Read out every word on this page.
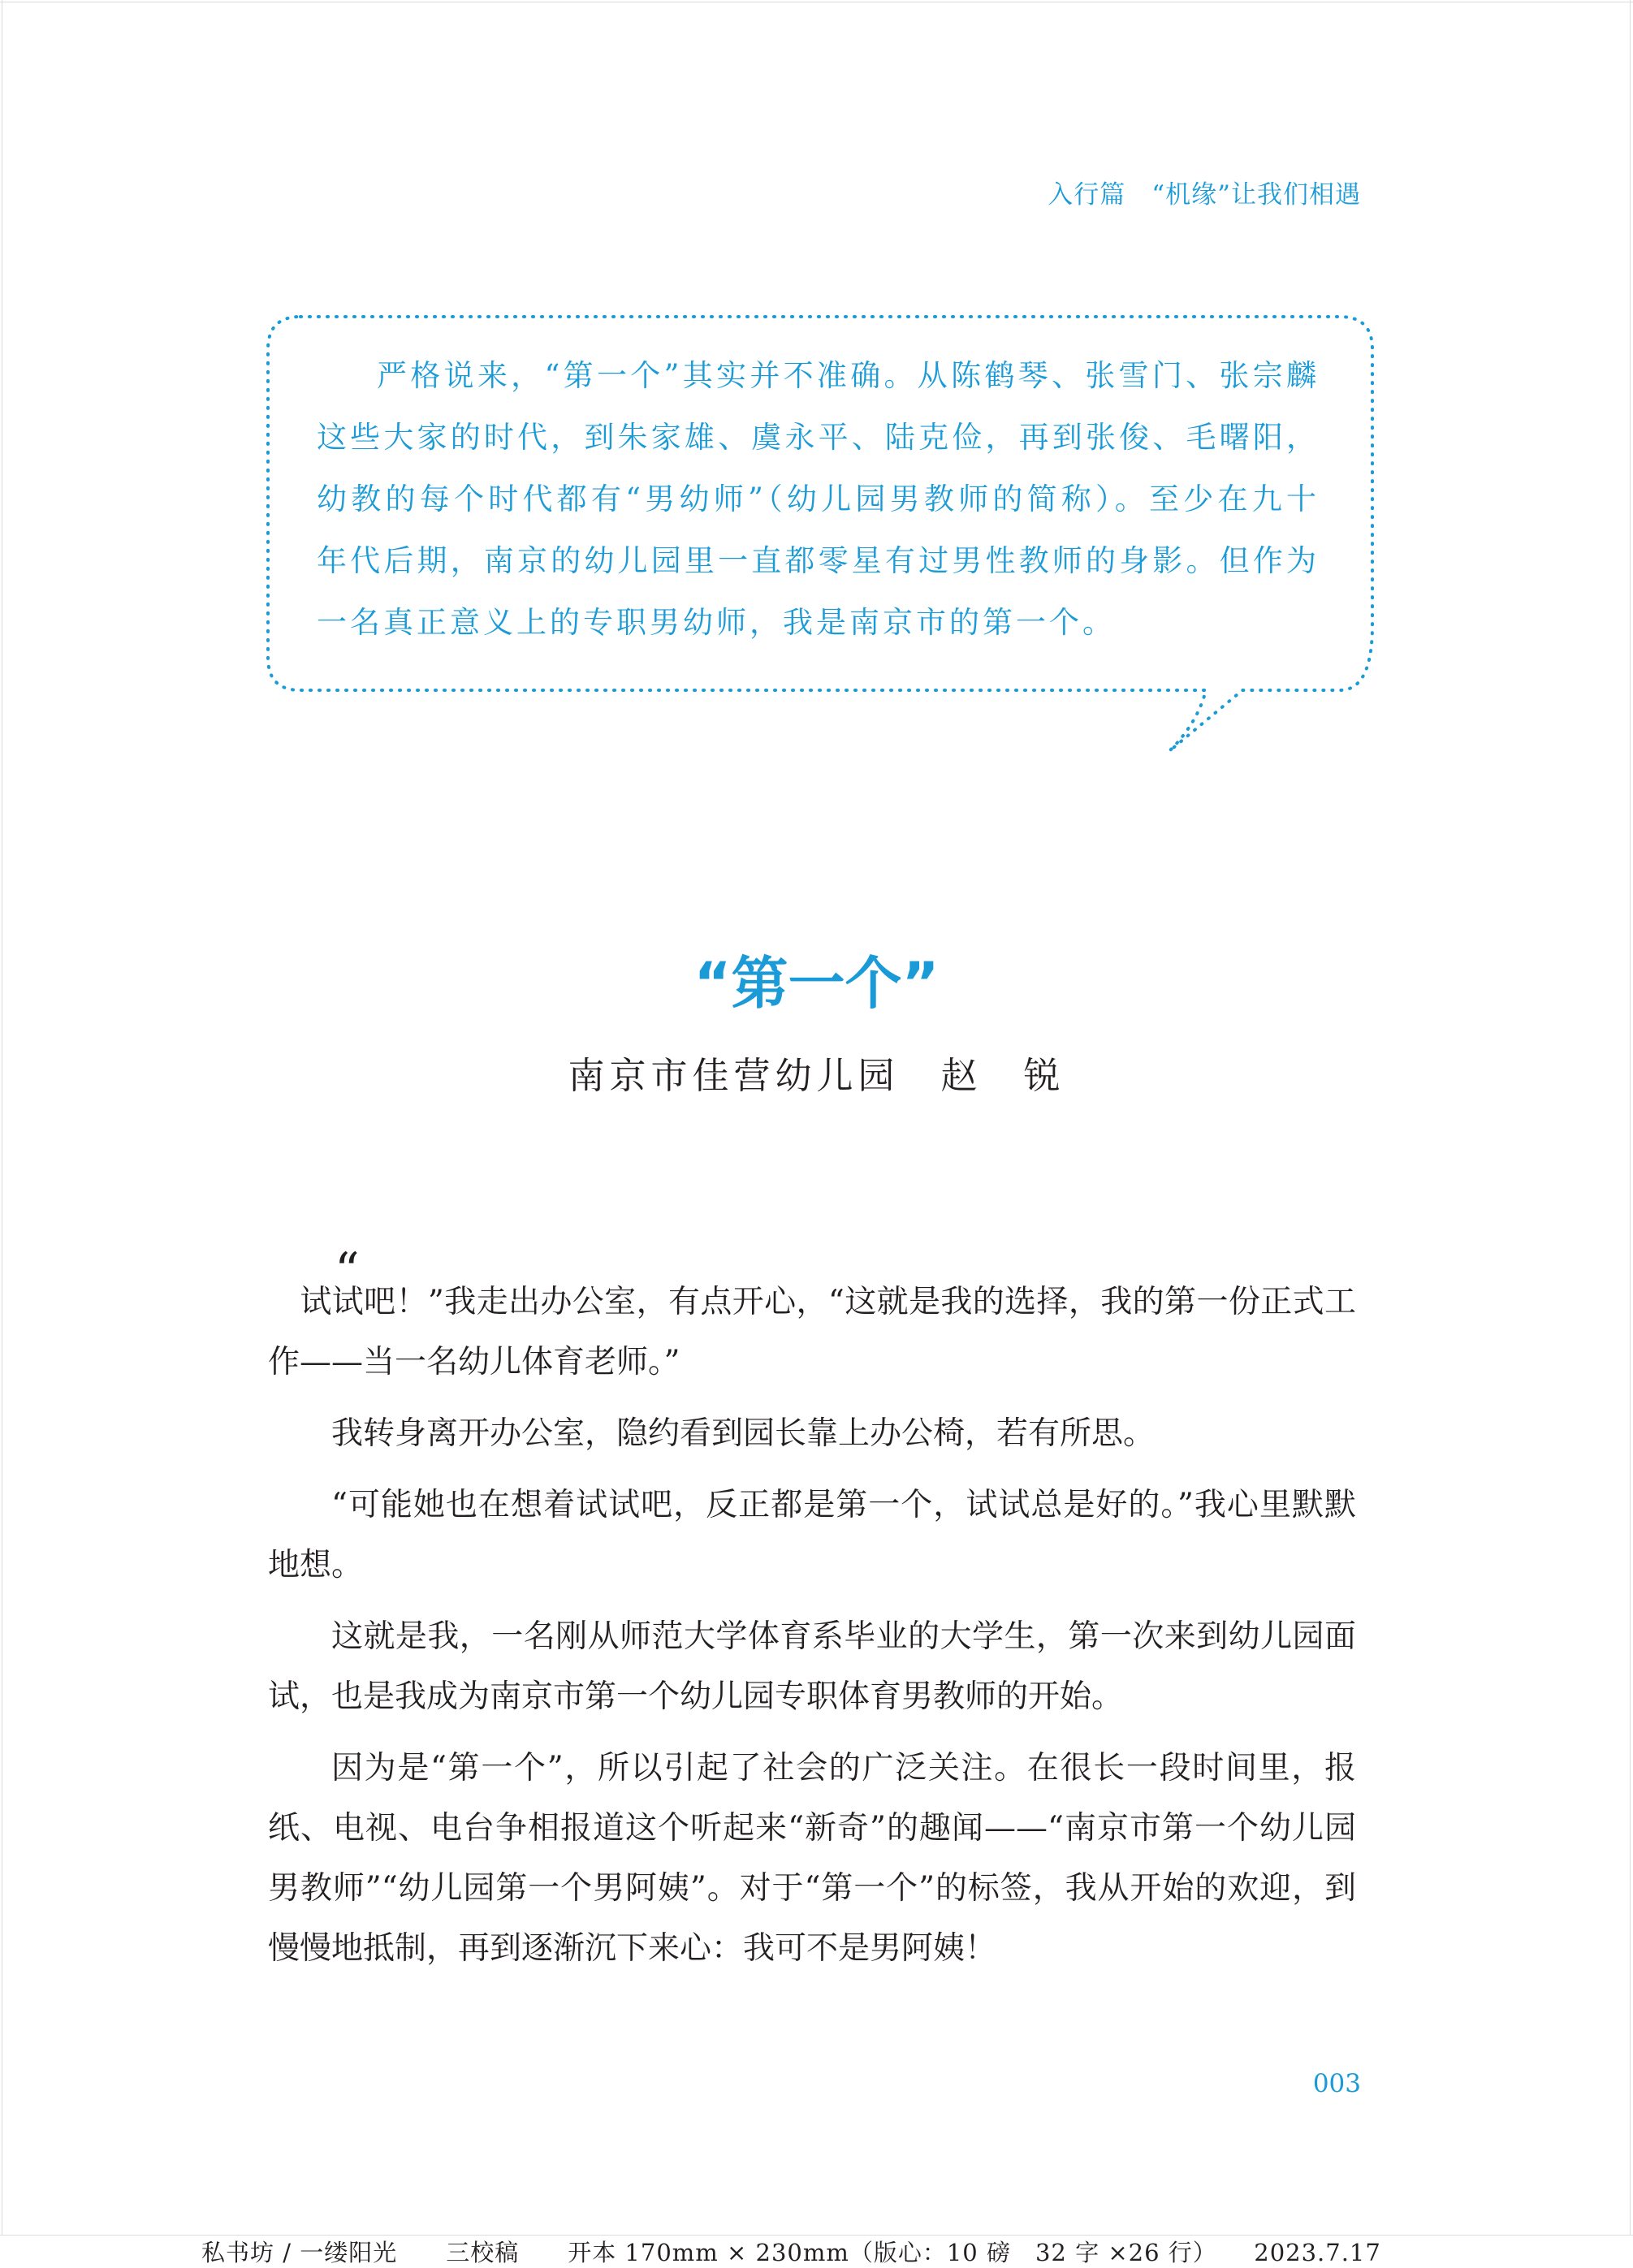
入行篇　“机缘”让我们相遇

严格说来，“第一个”其实并不准确。从陈鹤琴、张雪门、张宗麟这些大家的时代，到朱家雄、虞永平、陆克俭，再到张俊、毛曙阳，幼教的每个时代都有“男幼师”（幼儿园男教师的简称）。至少在九十年代后期，南京的幼儿园里一直都零星有过男性教师的身影。但作为一名真正意义上的专职男幼师，我是南京市的第一个。

“第一个”
南京市佳营幼儿园　赵　锐
“

　试试吧！”我走出办公室，有点开心，“这就是我的选择，我的第一份正式工作——当一名幼儿体育老师。”

我转身离开办公室，隐约看到园长靠上办公椅，若有所思。

“可能她也在想着试试吧，反正都是第一个，试试总是好的。”我心里默默地想。

这就是我，一名刚从师范大学体育系毕业的大学生，第一次来到幼儿园面试，也是我成为南京市第一个幼儿园专职体育男教师的开始。

因为是“第一个”，所以引起了社会的广泛关注。在很长一段时间里，报纸、电视、电台争相报道这个听起来“新奇”的趣闻——“南京市第一个幼儿园男教师”“幼儿园第一个男阿姨”。对于“第一个”的标签，我从开始的欢迎，到慢慢地抵制，再到逐渐沉下来心：我可不是男阿姨！

003
私书坊 / 一缕阳光　　三校稿　　开本 170mm × 230mm（版心：10 磅　32 字 ×26 行）　　2023.7.17
